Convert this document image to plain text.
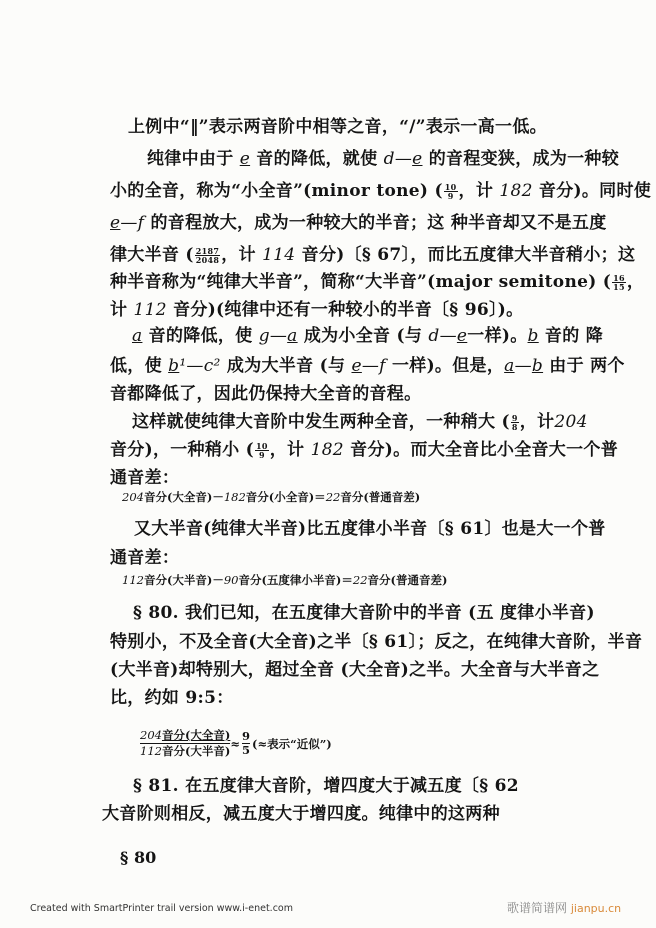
上例中“‖”表示两音阶中相等之音，“/”表示一高一低。
纯律中由于 e 音的降低，就使 d—e 的音程变狭，成为一种较
小的全音，称为“小全音”(minor tone) ( $\frac{10}{9}$ ，计 182 音分)。同时使
e—f 的音程放大，成为一种较大的半音；这 种半音却又不是五度
律大半音 ( $\frac{2187}{2048}$ ，计 114 音分)〔§ 67〕，而比五度律大半音稍小；这
种半音称为“纯律大半音”，简称“大半音”(major semitone) ( $\frac{16}{15}$ ，
计 112 音分)(纯律中还有一种较小的半音〔§ 96〕)。
a 音的降低，使 g—a 成为小全音 (与 d—e一样)。b 音的 降
低，使 b¹—c² 成为大半音 (与 e—f 一样)。但是，a—b 由于 两个
音都降低了，因此仍保持大全音的音程。
这样就使纯律大音阶中发生两种全音，一种稍大 ( $\frac{9}{8}$ ，计204
音分)，一种稍小 ( $\frac{10}{9}$ ，计 182 音分)。而大全音比小全音大一个普
通音差：
204音分(大全音)－182音分(小全音)＝22音分(普通音差)
又大半音(纯律大半音)比五度律小半音〔§ 61〕也是大一个普
通音差：
112音分(大半音)－90音分(五度律小半音)＝22音分(普通音差)
§ 80. 我们已知，在五度律大音阶中的半音 (五 度律小半音)
特别小，不及全音(大全音)之半〔§ 61〕；反之，在纯律大音阶，半音
(大半音)却特别大，超过全音 (大全音)之半。大全音与大半音之
比，约如 9:5：
204音分(大全音)
112音分(大半音)
≈ $\frac{9}{5}$ (≈表示“近似”)
§ 81. 在五度律大音阶，增四度大于减五度〔§ 62
大音阶则相反，减五度大于增四度。纯律中的这两种
§ 80
Created with SmartPrinter trail version www.i-enet.com	歌谱简谱网 jianpu.cn
